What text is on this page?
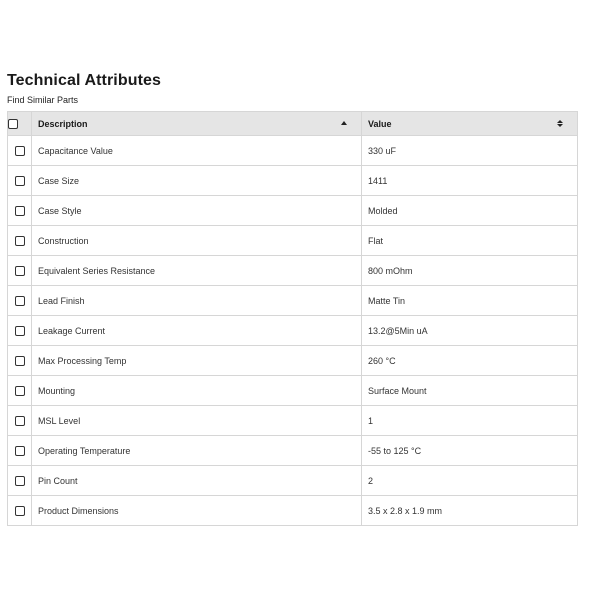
Technical Attributes
Find Similar Parts

	Description	Value

	Capacitance Value	330 uF
	Case Size	1411
	Case Style	Molded
	Construction	Flat
	Equivalent Series Resistance	800 mOhm
	Lead Finish	Matte Tin
	Leakage Current	13.2@5Min uA
	Max Processing Temp	260 °C
	Mounting	Surface Mount
	MSL Level	1
	Operating Temperature	-55 to 125 °C
	Pin Count	2
	Product Dimensions	3.5 x 2.8 x 1.9 mm
